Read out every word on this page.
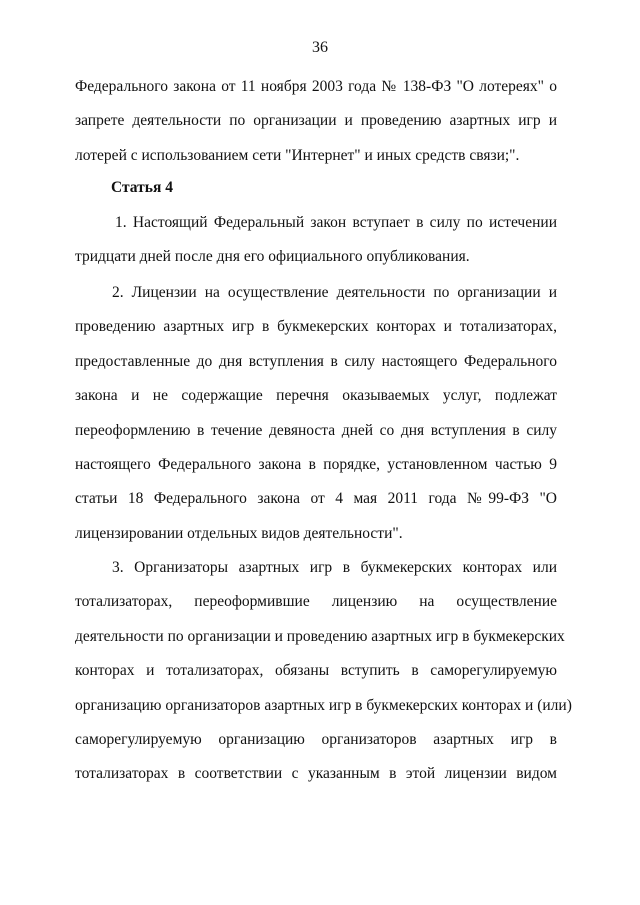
36
Федерального закона от 11 ноября 2003 года № 138-ФЗ "О лотереях" о
запрете деятельности по организации и проведению азартных игр и
лотерей с использованием сети "Интернет" и иных средств связи;".
Статья 4
1. Настоящий Федеральный закон вступает в силу по истечении
тридцати дней после дня его официального опубликования.
2. Лицензии на осуществление деятельности по организации и
проведению азартных игр в букмекерских конторах и тотализаторах,
предоставленные до дня вступления в силу настоящего Федерального
закона и не содержащие перечня оказываемых услуг, подлежат
переоформлению в течение девяноста дней со дня вступления в силу
настоящего Федерального закона в порядке, установленном частью 9
статьи 18 Федерального закона от 4 мая 2011 года №99-ФЗ "О
лицензировании отдельных видов деятельности".
3. Организаторы азартных игр в букмекерских конторах или
тотализаторах, переоформившие лицензию на осуществление
деятельности по организации и проведению азартных игр в букмекерских
конторах и тотализаторах, обязаны вступить в саморегулируемую
организацию организаторов азартных игр в букмекерских конторах и (или)
саморегулируемую организацию организаторов азартных игр в
тотализаторах в соответствии с указанным в этой лицензии видом
